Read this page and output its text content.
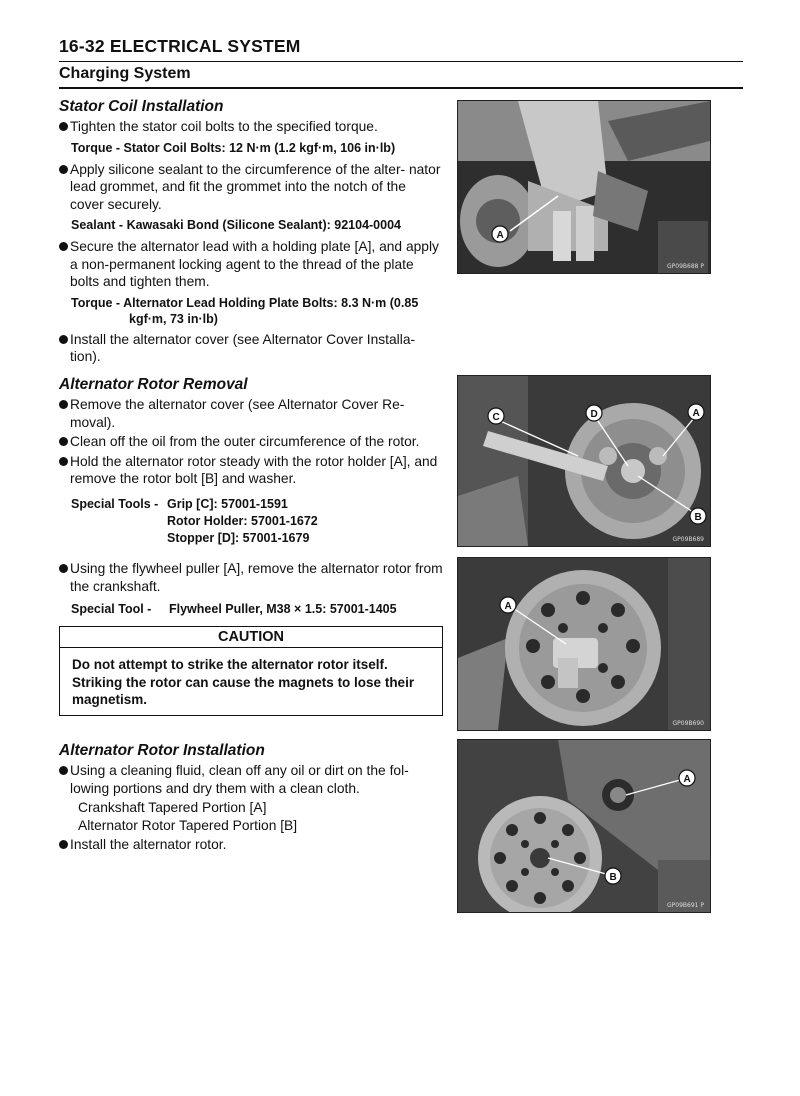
16-32 ELECTRICAL SYSTEM
Charging System
Stator Coil Installation
Tighten the stator coil bolts to the specified torque.
Torque - Stator Coil Bolts: 12 N·m (1.2 kgf·m, 106 in·lb)
Apply silicone sealant to the circumference of the alter- nator lead grommet, and fit the grommet into the notch of the cover securely.
Sealant - Kawasaki Bond (Silicone Sealant): 92104-0004
Secure the alternator lead with a holding plate [A], and apply a non-permanent locking agent to the thread of the plate bolts and tighten them.
Torque - Alternator Lead Holding Plate Bolts: 8.3 N·m (0.85
kgf·m, 73 in·lb)
Install the alternator cover (see Alternator Cover Installa- tion).
Alternator Rotor Removal
Remove the alternator cover (see Alternator Cover Re- moval).
Clean off the oil from the outer circumference of the rotor.
Hold the alternator rotor steady with the rotor holder [A], and remove the rotor bolt [B] and washer.
Special Tools - Grip [C]: 57001-1591
Rotor Holder: 57001-1672
Stopper [D]: 57001-1679
Using the flywheel puller [A], remove the alternator rotor from the crankshaft.
Special Tool -	Flywheel Puller, M38 × 1.5: 57001-1405
CAUTION
Do not attempt to strike the alternator rotor itself. Striking the rotor can cause the magnets to lose their magnetism.
Alternator Rotor Installation
Using a cleaning fluid, clean off any oil or dirt on the fol- lowing portions and dry them with a clean cloth.
Crankshaft Tapered Portion [A]
Alternator Rotor Tapered Portion [B]
Install the alternator rotor.
A
GP09B688 P
C	D	A
B
GP09B689
A
GP09B690
A
B
GP09B691 P
